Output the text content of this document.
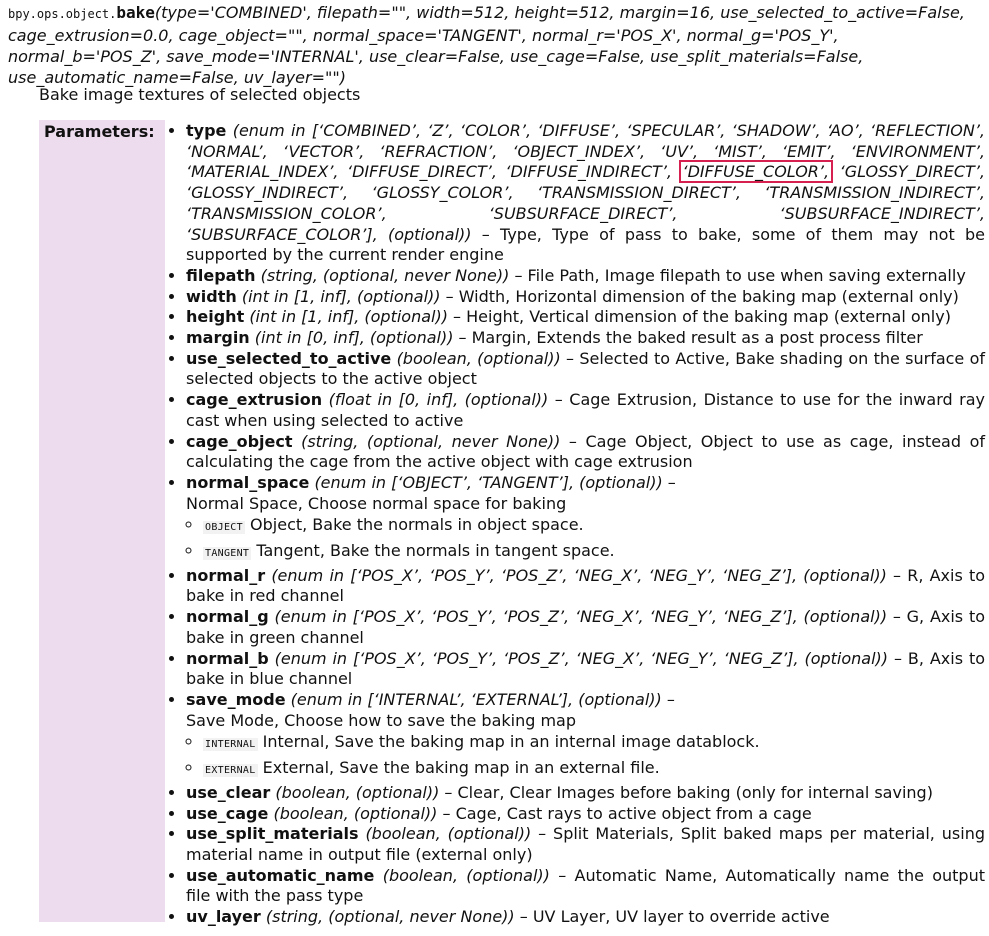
bpy.ops.object.bake(type='COMBINED', filepath="", width=512, height=512, margin=16, use_selected_to_active=False, cage_extrusion=0.0, cage_object="", normal_space='TANGENT', normal_r='POS_X', normal_g='POS_Y', normal_b='POS_Z', save_mode='INTERNAL', use_clear=False, use_cage=False, use_split_materials=False, use_automatic_name=False, uv_layer="")
Bake image textures of selected objects
Parameters:
• type (enum in [‘COMBINED’, ‘Z’, ‘COLOR’, ‘DIFFUSE’, ‘SPECULAR’, ‘SHADOW’, ‘AO’, ‘REFLECTION’, ‘NORMAL’, ‘VECTOR’, ‘REFRACTION’, ‘OBJECT_INDEX’, ‘UV’, ‘MIST’, ‘EMIT’, ‘ENVIRONMENT’, ‘MATERIAL_INDEX’, ‘DIFFUSE_DIRECT’, ‘DIFFUSE_INDIRECT’, ‘DIFFUSE_COLOR’, ‘GLOSSY_DIRECT’, ‘GLOSSY_INDIRECT’, ‘GLOSSY_COLOR’, ‘TRANSMISSION_DIRECT’, ‘TRANSMISSION_INDIRECT’, ‘TRANSMISSION_COLOR’, ‘SUBSURFACE_DIRECT’, ‘SUBSURFACE_INDIRECT’, ‘SUBSURFACE_COLOR’], (optional)) – Type, Type of pass to bake, some of them may not be supported by the current render engine
• filepath (string, (optional, never None)) – File Path, Image filepath to use when saving externally
• width (int in [1, inf], (optional)) – Width, Horizontal dimension of the baking map (external only)
• height (int in [1, inf], (optional)) – Height, Vertical dimension of the baking map (external only)
• margin (int in [0, inf], (optional)) – Margin, Extends the baked result as a post process filter
• use_selected_to_active (boolean, (optional)) – Selected to Active, Bake shading on the surface of selected objects to the active object
• cage_extrusion (float in [0, inf], (optional)) – Cage Extrusion, Distance to use for the inward ray cast when using selected to active
• cage_object (string, (optional, never None)) – Cage Object, Object to use as cage, instead of calculating the cage from the active object with cage extrusion
• normal_space (enum in [‘OBJECT’, ‘TANGENT’], (optional)) –
Normal Space, Choose normal space for baking
◦ OBJECT Object, Bake the normals in object space.
◦ TANGENT Tangent, Bake the normals in tangent space.
• normal_r (enum in [‘POS_X’, ‘POS_Y’, ‘POS_Z’, ‘NEG_X’, ‘NEG_Y’, ‘NEG_Z’], (optional)) – R, Axis to bake in red channel
• normal_g (enum in [‘POS_X’, ‘POS_Y’, ‘POS_Z’, ‘NEG_X’, ‘NEG_Y’, ‘NEG_Z’], (optional)) – G, Axis to bake in green channel
• normal_b (enum in [‘POS_X’, ‘POS_Y’, ‘POS_Z’, ‘NEG_X’, ‘NEG_Y’, ‘NEG_Z’], (optional)) – B, Axis to bake in blue channel
• save_mode (enum in [‘INTERNAL’, ‘EXTERNAL’], (optional)) –
Save Mode, Choose how to save the baking map
◦ INTERNAL Internal, Save the baking map in an internal image datablock.
◦ EXTERNAL External, Save the baking map in an external file.
• use_clear (boolean, (optional)) – Clear, Clear Images before baking (only for internal saving)
• use_cage (boolean, (optional)) – Cage, Cast rays to active object from a cage
• use_split_materials (boolean, (optional)) – Split Materials, Split baked maps per material, using material name in output file (external only)
• use_automatic_name (boolean, (optional)) – Automatic Name, Automatically name the output file with the pass type
• uv_layer (string, (optional, never None)) – UV Layer, UV layer to override active
